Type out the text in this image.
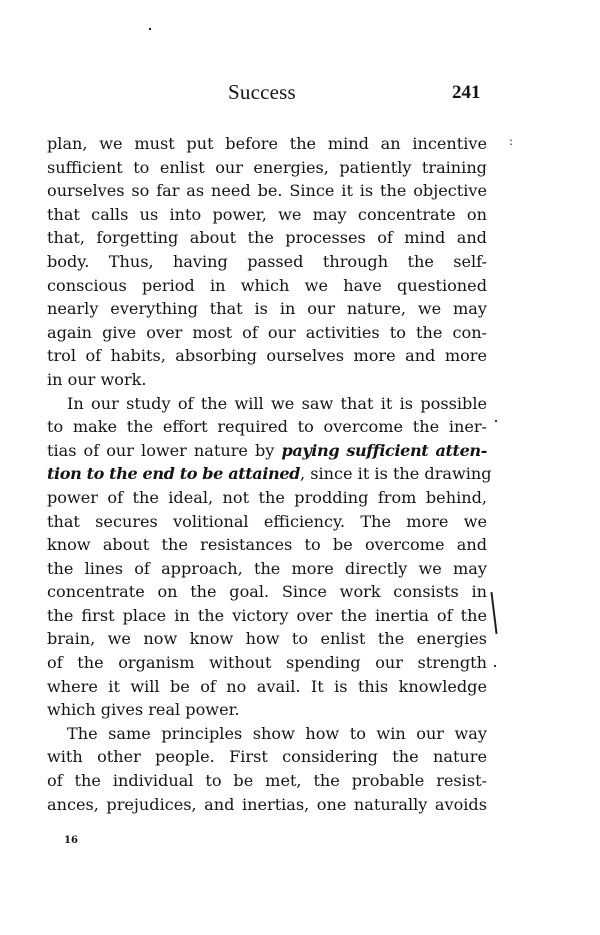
Success	241
plan, we must put before the mind an incentive
sufficient to enlist our energies, patiently training
ourselves so far as need be. Since it is the objective
that calls us into power, we may concentrate on
that, forgetting about the processes of mind and
body. Thus, having passed through the self-
conscious period in which we have questioned
nearly everything that is in our nature, we may
again give over most of our activities to the con-
trol of habits, absorbing ourselves more and more
in our work.
In our study of the will we saw that it is possible
to make the effort required to overcome the iner-
tias of our lower nature by paying sufficient atten-
tion to the end to be attained, since it is the drawing
power of the ideal, not the prodding from behind,
that secures volitional efficiency. The more we
know about the resistances to be overcome and
the lines of approach, the more directly we may
concentrate on the goal. Since work consists in
the first place in the victory over the inertia of the
brain, we now know how to enlist the energies
of the organism without spending our strength
where it will be of no avail. It is this knowledge
which gives real power.
The same principles show how to win our way
with other people. First considering the nature
of the individual to be met, the probable resist-
ances, prejudices, and inertias, one naturally avoids
:
16
